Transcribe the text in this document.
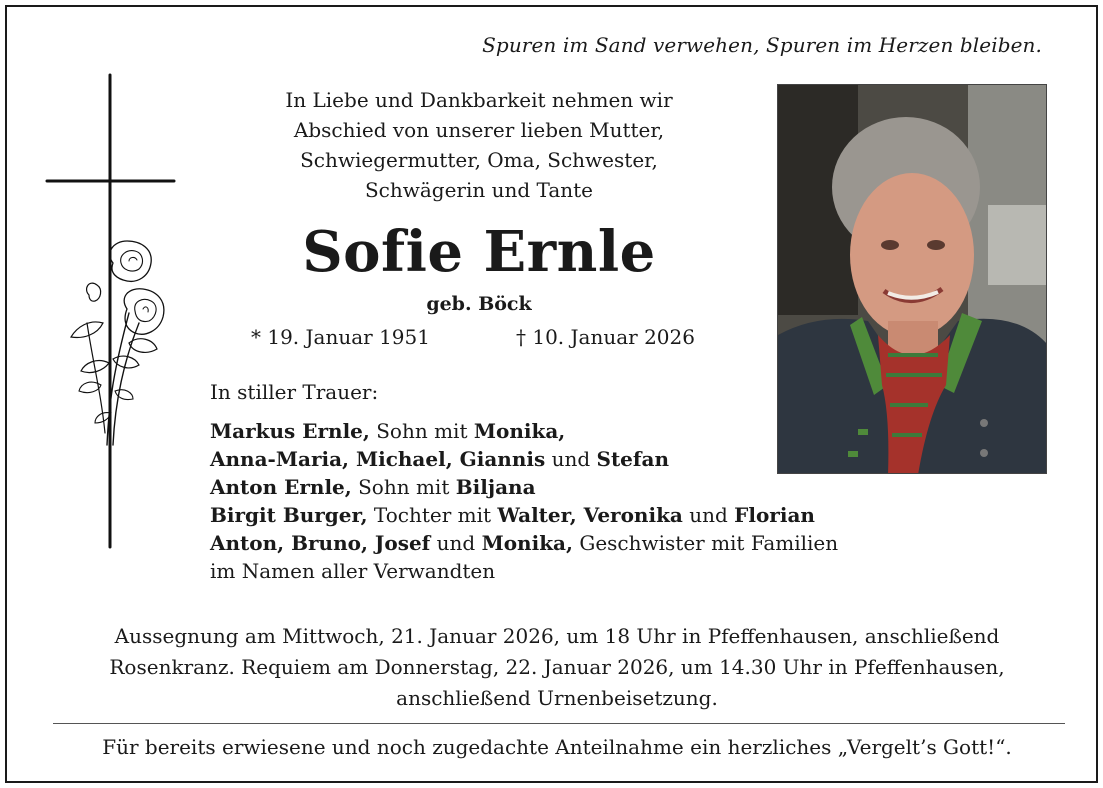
Spuren im Sand verwehen, Spuren im Herzen bleiben.
In Liebe und Dankbarkeit nehmen wir
Abschied von unserer lieben Mutter,
Schwiegermutter, Oma, Schwester,
Schwägerin und Tante
Sofie Ernle
geb. Böck
* 19. Januar 1951	† 10. Januar 2026
In stiller Trauer:
Markus Ernle, Sohn mit Monika,
Anna-Maria, Michael, Giannis und Stefan
Anton Ernle, Sohn mit Biljana
Birgit Burger, Tochter mit Walter, Veronika und Florian
Anton, Bruno, Josef und Monika, Geschwister mit Familien
im Namen aller Verwandten
Aussegnung am Mittwoch, 21. Januar 2026, um 18 Uhr in Pfeffenhausen, anschließend
Rosenkranz. Requiem am Donnerstag, 22. Januar 2026, um 14.30 Uhr in Pfeffenhausen,
anschließend Urnenbeisetzung.
Für bereits erwiesene und noch zugedachte Anteilnahme ein herzliches „Vergelt’s Gott!“.
